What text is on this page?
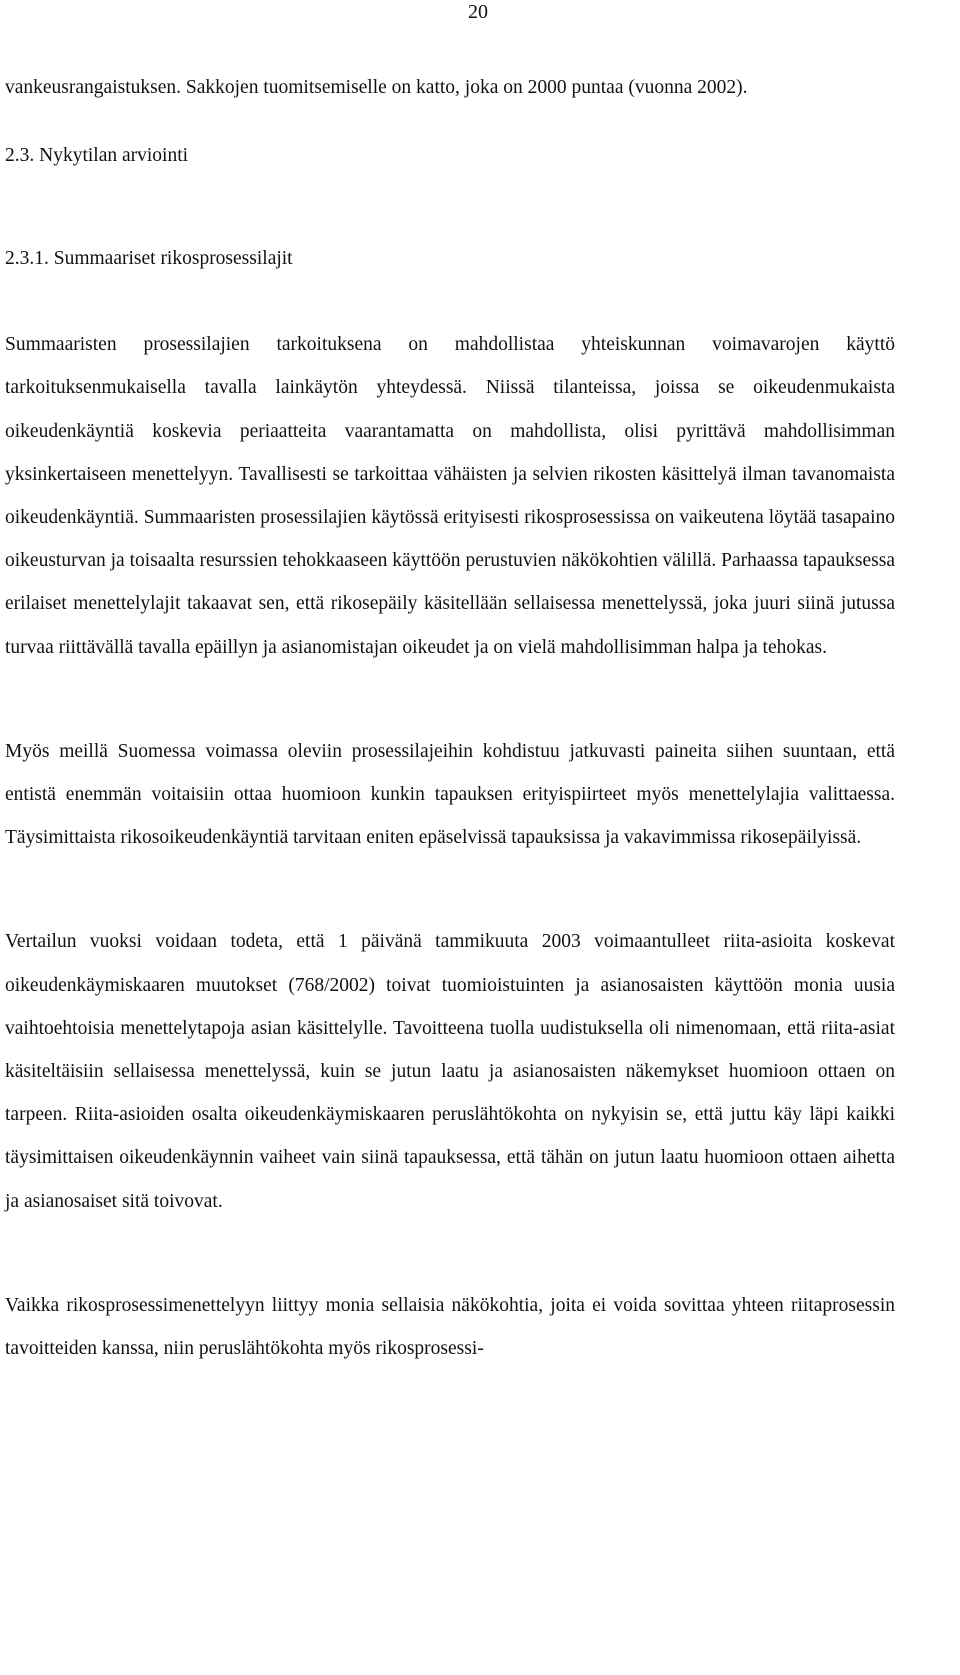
20

vankeusrangaistuksen. Sakkojen tuomitsemiselle on katto, joka on 2000 puntaa (vuonna 2002).

2.3. Nykytilan arviointi

2.3.1. Summaariset rikosprosessilajit

Summaaristen prosessilajien tarkoituksena on mahdollistaa yhteiskunnan voimavarojen käyttö tarkoituksenmukaisella tavalla lainkäytön yhteydessä. Niissä tilanteissa, joissa se oikeudenmukaista oikeudenkäyntiä koskevia periaatteita vaarantamatta on mahdollista, olisi pyrittävä mahdollisimman yksinkertaiseen menettelyyn. Tavallisesti se tarkoittaa vähäisten ja selvien rikosten käsittelyä ilman tavanomaista oikeudenkäyntiä. Summaaristen prosessilajien käytössä erityisesti rikosprosessissa on vaikeutena löytää tasapaino oikeusturvan ja toisaalta resurssien tehokkaaseen käyttöön perustuvien näkökohtien välillä. Parhaassa tapauksessa erilaiset menettelylajit takaavat sen, että rikosepäily käsitellään sellaisessa menettelyssä, joka juuri siinä jutussa turvaa riittävällä tavalla epäillyn ja asianomistajan oikeudet ja on vielä mahdollisimman halpa ja tehokas.

Myös meillä Suomessa voimassa oleviin prosessilajeihin kohdistuu jatkuvasti paineita siihen suuntaan, että entistä enemmän voitaisiin ottaa huomioon kunkin tapauksen erityispiirteet myös menettelylajia valittaessa. Täysimittaista rikosoikeudenkäyntiä tarvitaan eniten epäselvissä tapauksissa ja vakavimmissa rikosepäilyissä.

Vertailun vuoksi voidaan todeta, että 1 päivänä tammikuuta 2003 voimaantulleet riita-asioita koskevat oikeudenkäymiskaaren muutokset (768/2002) toivat tuomioistuinten ja asianosaisten käyttöön monia uusia vaihtoehtoisia menettelytapoja asian käsittelylle. Tavoitteena tuolla uudistuksella oli nimenomaan, että riita-asiat käsiteltäisiin sellaisessa menettelyssä, kuin se jutun laatu ja asianosaisten näkemykset huomioon ottaen on tarpeen. Riita-asioiden osalta oikeudenkäymiskaaren peruslähtökohta on nykyisin se, että juttu käy läpi kaikki täysimittaisen oikeudenkäynnin vaiheet vain siinä tapauksessa, että tähän on jutun laatu huomioon ottaen aihetta ja asianosaiset sitä toivovat.

Vaikka rikosprosessimenettelyyn liittyy monia sellaisia näkökohtia, joita ei voida sovittaa yhteen riitaprosessin tavoitteiden kanssa, niin peruslähtökohta myös rikosprosessi-
